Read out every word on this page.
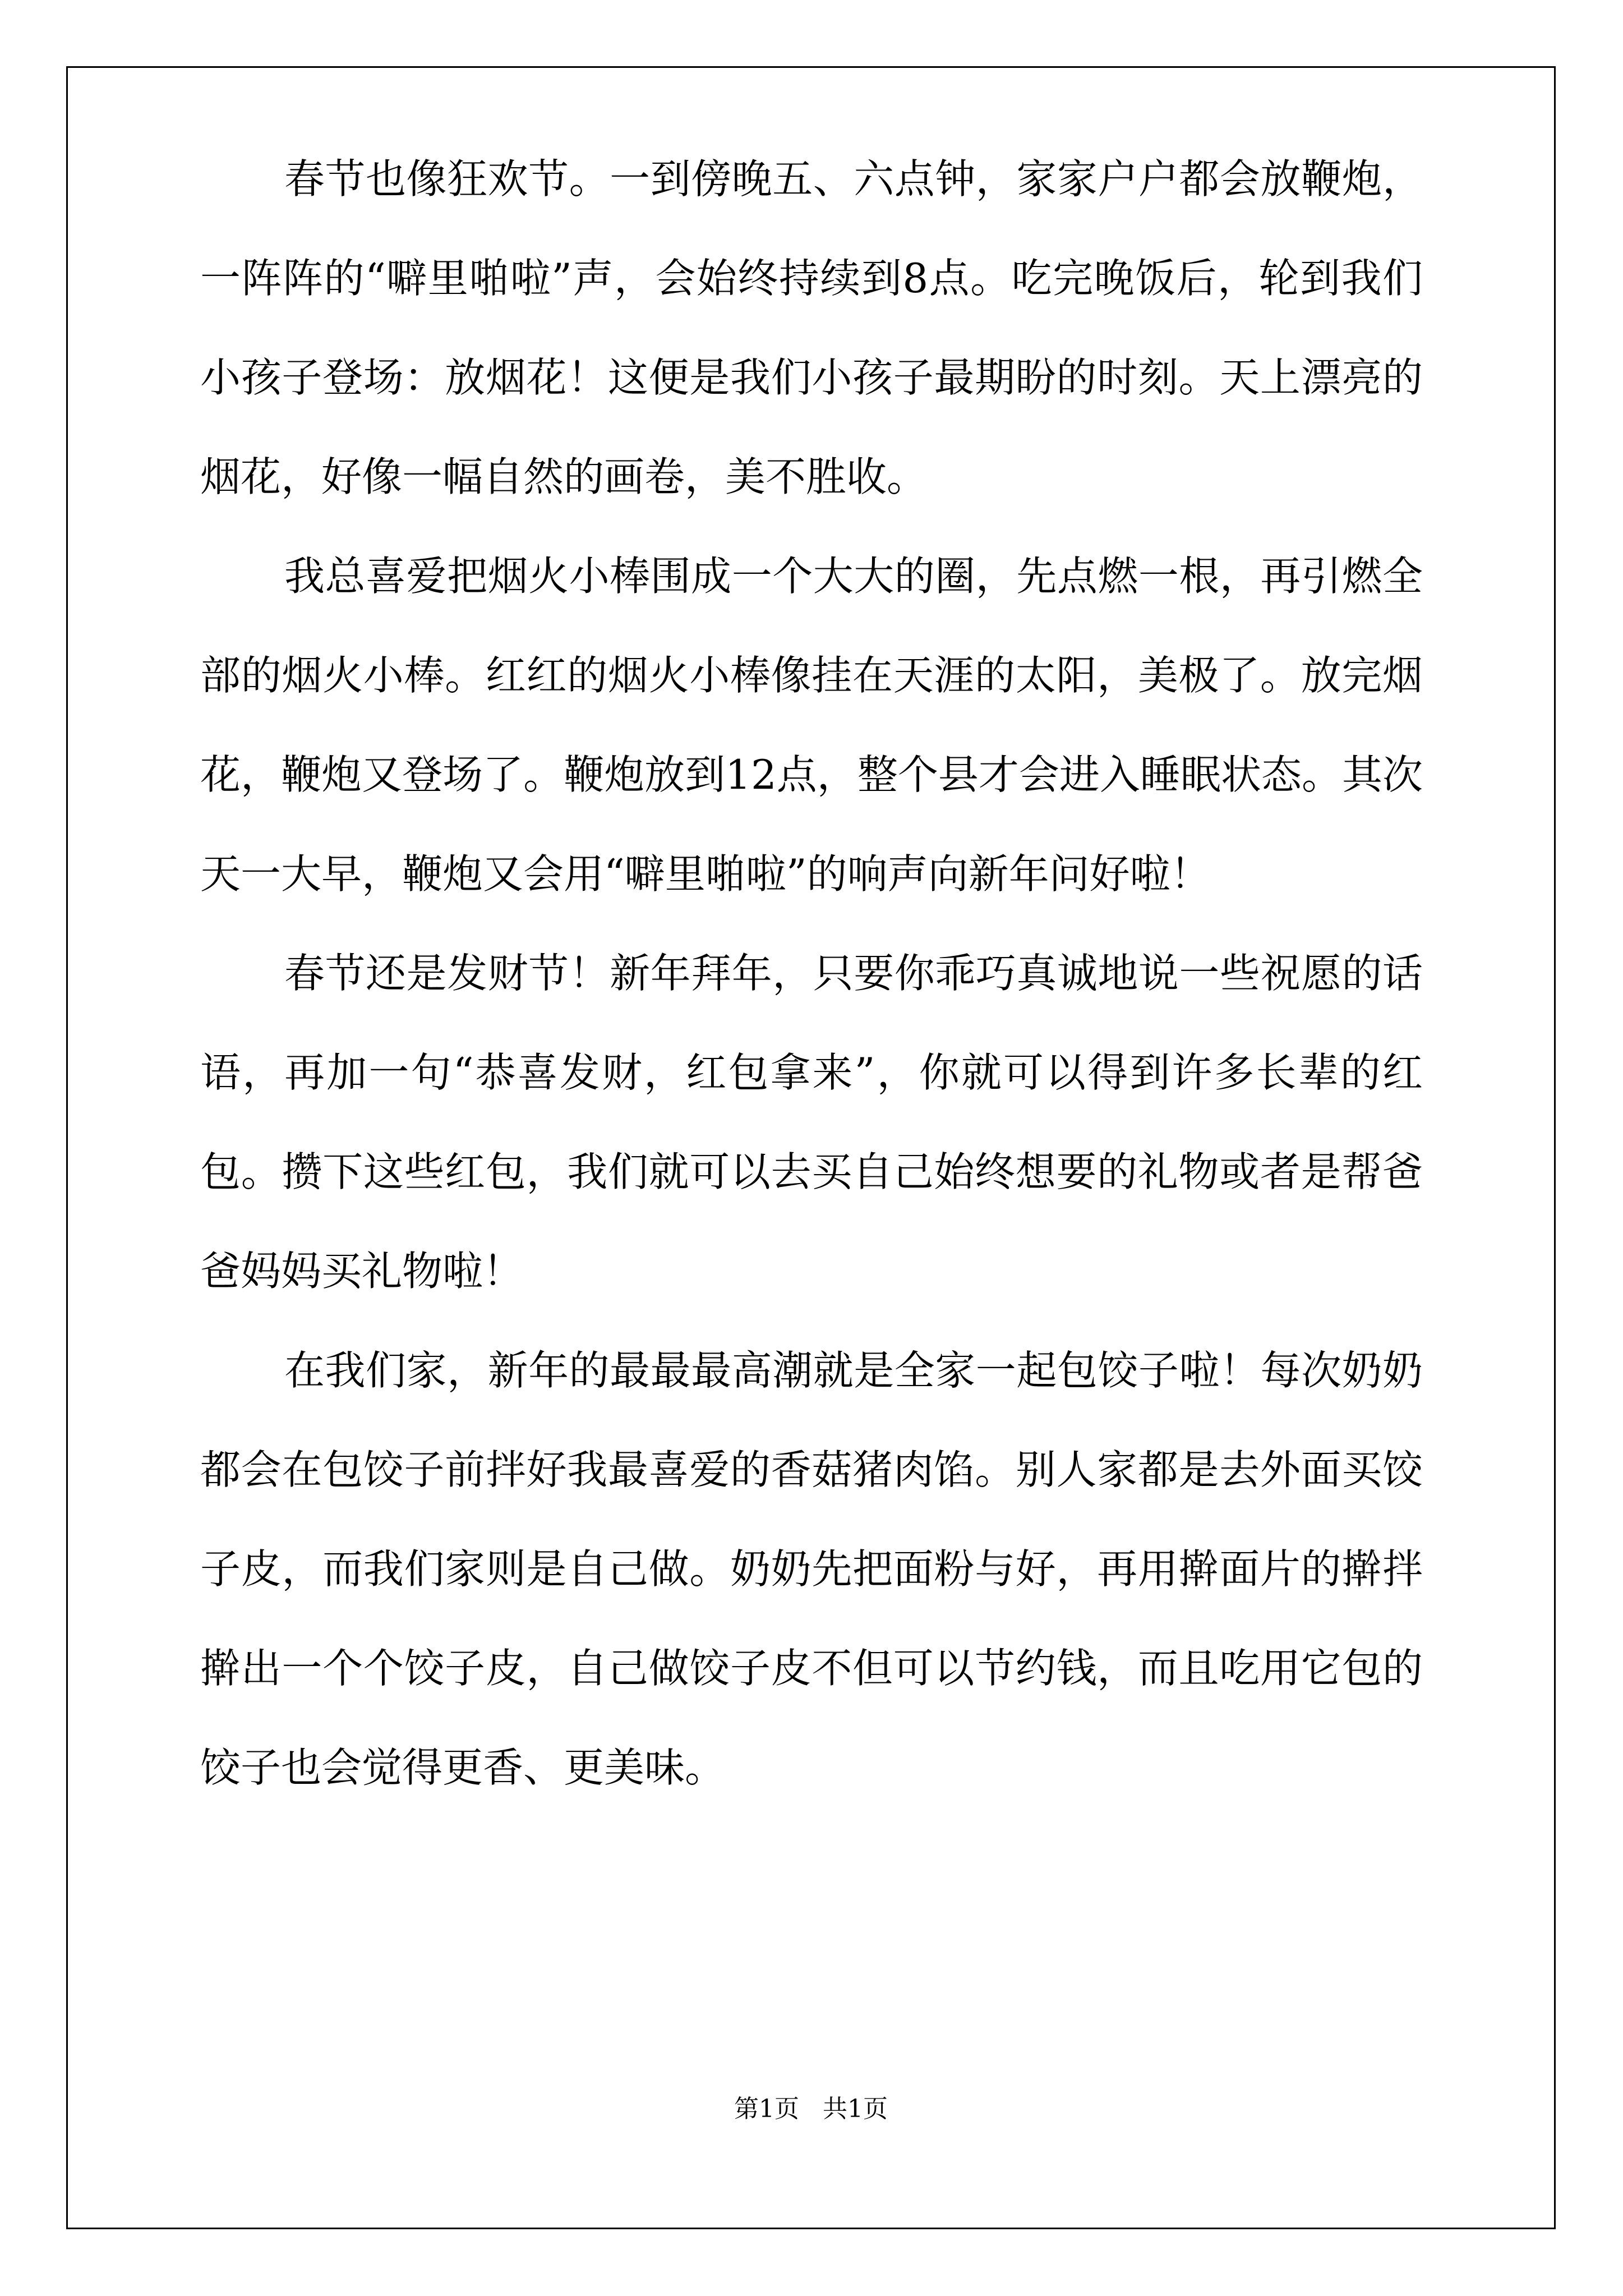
春节也像狂欢节。一到傍晚五、六点钟，家家户户都会放鞭炮，一阵阵的“噼里啪啦”声，会始终持续到8点。吃完晚饭后，轮到我们小孩子登场：放烟花！这便是我们小孩子最期盼的时刻。天上漂亮的烟花，好像一幅自然的画卷，美不胜收。

我总喜爱把烟火小棒围成一个大大的圈，先点燃一根，再引燃全部的烟火小棒。红红的烟火小棒像挂在天涯的太阳，美极了。放完烟花，鞭炮又登场了。鞭炮放到12点，整个县才会进入睡眠状态。其次天一大早，鞭炮又会用“噼里啪啦”的响声向新年问好啦！

春节还是发财节！新年拜年，只要你乖巧真诚地说一些祝愿的话语，再加一句“恭喜发财，红包拿来”，你就可以得到许多长辈的红包。攒下这些红包，我们就可以去买自己始终想要的礼物或者是帮爸爸妈妈买礼物啦！

在我们家，新年的最最最高潮就是全家一起包饺子啦！每次奶奶都会在包饺子前拌好我最喜爱的香菇猪肉馅。别人家都是去外面买饺子皮，而我们家则是自己做。奶奶先把面粉与好，再用擀面片的擀拌擀出一个个饺子皮，自己做饺子皮不但可以节约钱，而且吃用它包的饺子也会觉得更香、更美味。

第1页   共1页
